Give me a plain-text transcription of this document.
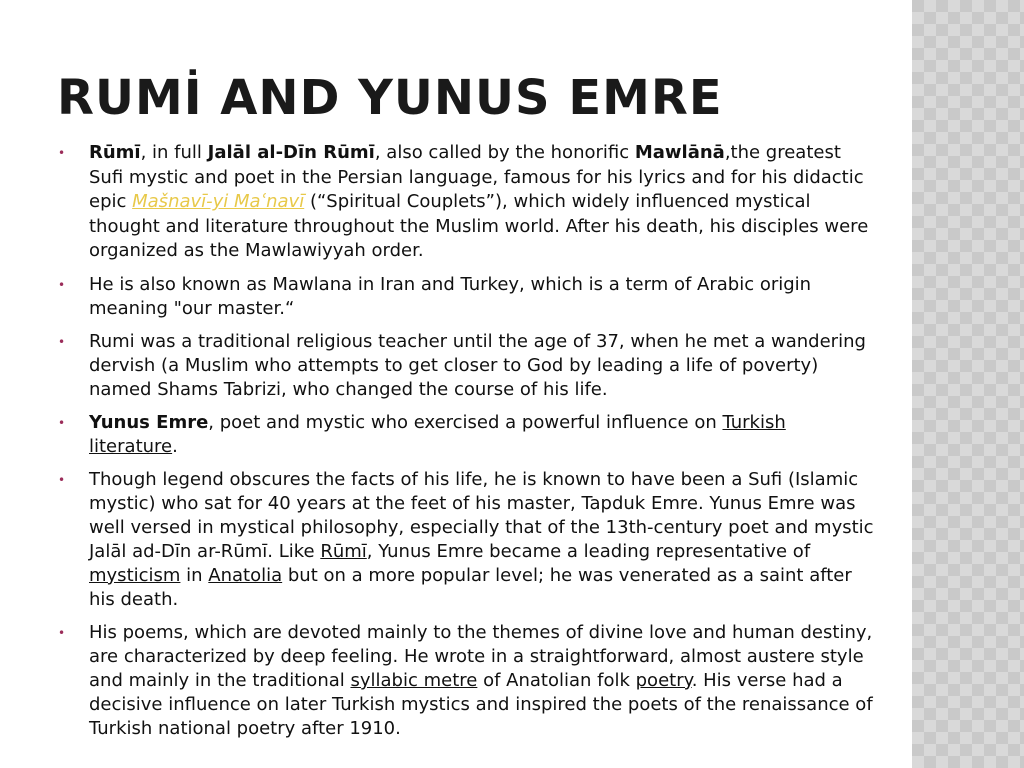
RUMİ AND YUNUS EMRE
• Rūmī, in full Jalāl al-Dīn Rūmī, also called by the honorific Mawlānā,the greatest Sufi mystic and poet in the Persian language, famous for his lyrics and for his didactic epic Mašnavī-yi Maʿnavī (“Spiritual Couplets”), which widely influenced mystical thought and literature throughout the Muslim world. After his death, his disciples were organized as the Mawlawiyyah order.
• He is also known as Mawlana in Iran and Turkey, which is a term of Arabic origin meaning "our master.“
• Rumi was a traditional religious teacher until the age of 37, when he met a wandering dervish (a Muslim who attempts to get closer to God by leading a life of poverty) named Shams Tabrizi, who changed the course of his life.
• Yunus Emre, poet and mystic who exercised a powerful influence on Turkish literature.
• Though legend obscures the facts of his life, he is known to have been a Sufi (Islamic mystic) who sat for 40 years at the feet of his master, Tapduk Emre. Yunus Emre was well versed in mystical philosophy, especially that of the 13th-century poet and mystic Jalāl ad-Dīn ar-Rūmī. Like Rūmī, Yunus Emre became a leading representative of mysticism in Anatolia but on a more popular level; he was venerated as a saint after his death.
• His poems, which are devoted mainly to the themes of divine love and human destiny, are characterized by deep feeling. He wrote in a straightforward, almost austere style and mainly in the traditional syllabic metre of Anatolian folk poetry. His verse had a decisive influence on later Turkish mystics and inspired the poets of the renaissance of Turkish national poetry after 1910.
